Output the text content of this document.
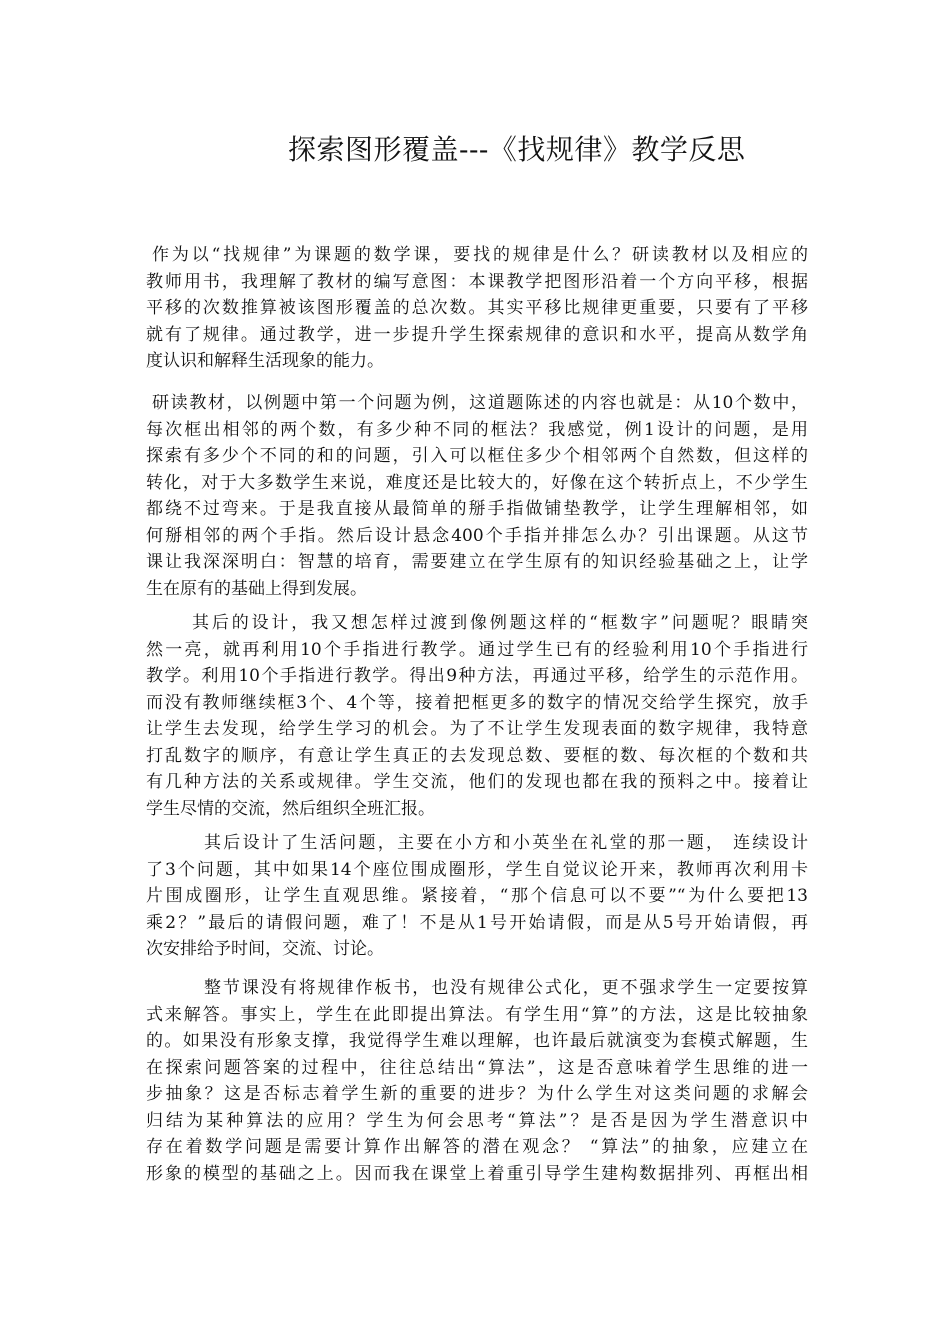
探索图形覆盖---《找规律》教学反思
作为以“找规律”为课题的数学课，要找的规律是什么？研读教材以及相应的
教师用书，我理解了教材的编写意图：本课教学把图形沿着一个方向平移，根据
平移的次数推算被该图形覆盖的总次数。其实平移比规律更重要，只要有了平移
就有了规律。通过教学，进一步提升学生探索规律的意识和水平，提高从数学角
度认识和解释生活现象的能力。
研读教材，以例题中第一个问题为例，这道题陈述的内容也就是：从10个数中，
每次框出相邻的两个数，有多少种不同的框法？我感觉，例1设计的问题，是用
探索有多少个不同的和的问题，引入可以框住多少个相邻两个自然数，但这样的
转化，对于大多数学生来说，难度还是比较大的，好像在这个转折点上，不少学生
都绕不过弯来。于是我直接从最简单的掰手指做铺垫教学，让学生理解相邻，如
何掰相邻的两个手指。然后设计悬念400个手指并排怎么办？引出课题。从这节
课让我深深明白：智慧的培育，需要建立在学生原有的知识经验基础之上，让学
生在原有的基础上得到发展。
其后的设计，我又想怎样过渡到像例题这样的“框数字”问题呢？眼睛突
然一亮，就再利用10个手指进行教学。通过学生已有的经验利用10个手指进行
教学。利用10个手指进行教学。得出9种方法，再通过平移，给学生的示范作用。
而没有教师继续框3个、4个等，接着把框更多的数字的情况交给学生探究，放手
让学生去发现，给学生学习的机会。为了不让学生发现表面的数字规律，我特意
打乱数字的顺序，有意让学生真正的去发现总数、要框的数、每次框的个数和共
有几种方法的关系或规律。学生交流，他们的发现也都在我的预料之中。接着让
学生尽情的交流，然后组织全班汇报。
其后设计了生活问题，主要在小方和小英坐在礼堂的那一题， 连续设计
了3个问题，其中如果14个座位围成圈形，学生自觉议论开来，教师再次利用卡
片围成圈形，让学生直观思维。紧接着，“那个信息可以不要”“为什么要把13
乘2？”最后的请假问题，难了！不是从1号开始请假，而是从5号开始请假，再
次安排给予时间，交流、讨论。
整节课没有将规律作板书，也没有规律公式化，更不强求学生一定要按算
式来解答。事实上，学生在此即提出算法。有学生用“算”的方法，这是比较抽象
的。如果没有形象支撑，我觉得学生难以理解，也许最后就演变为套模式解题，生
在探索问题答案的过程中，往往总结出“算法”，这是否意味着学生思维的进一
步抽象？这是否标志着学生新的重要的进步？为什么学生对这类问题的求解会
归结为某种算法的应用？学生为何会思考“算法”？是否是因为学生潜意识中
存在着数学问题是需要计算作出解答的潜在观念？ “算法”的抽象，应建立在
形象的模型的基础之上。因而我在课堂上着重引导学生建构数据排列、再框出相
